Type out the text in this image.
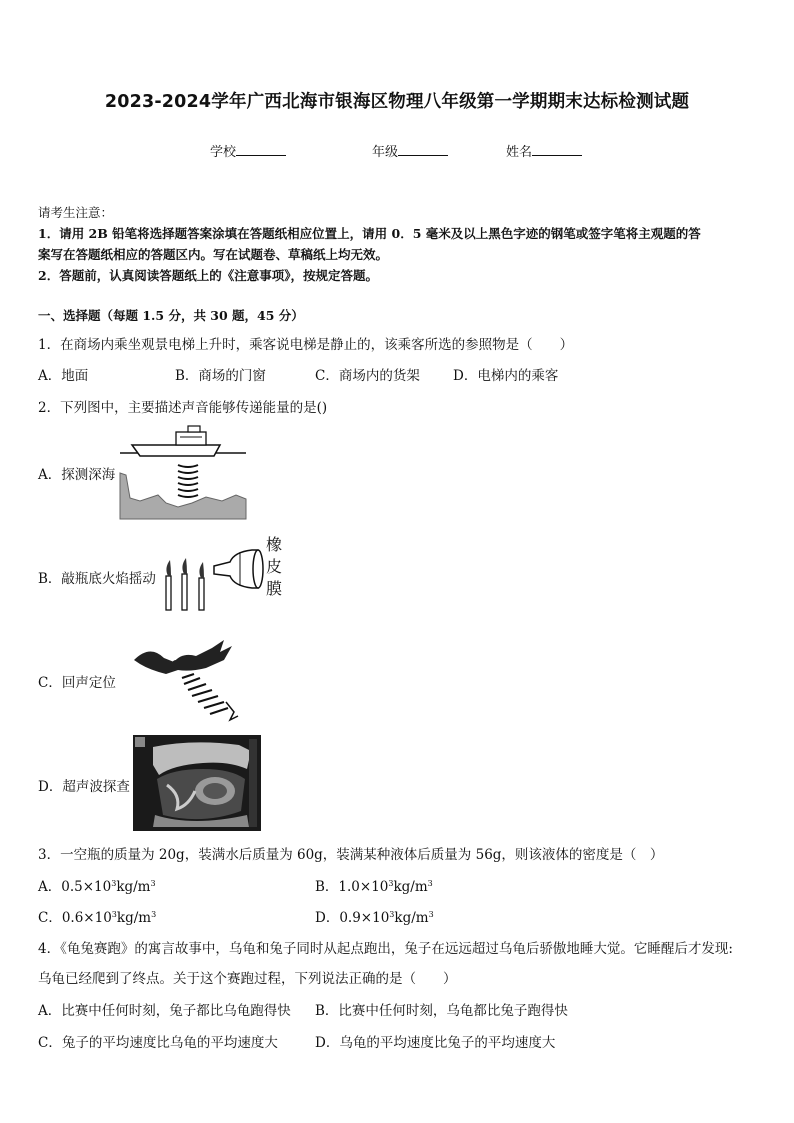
2023-2024学年广西北海市银海区物理八年级第一学期期末达标检测试题
学校	年级	姓名
请考生注意：
1．请用 2B 铅笔将选择题答案涂填在答题纸相应位置上，请用 0．5 毫米及以上黑色字迹的钢笔或签字笔将主观题的答
案写在答题纸相应的答题区内。写在试题卷、草稿纸上均无效。
2．答题前，认真阅读答题纸上的《注意事项》，按规定答题。
一、选择题（每题 1.5 分，共 30 题，45 分）
1．在商场内乘坐观景电梯上升时，乘客说电梯是静止的，该乘客所选的参照物是（　　）
A．地面	B．商场的门窗	C．商场内的货架 D．电梯内的乘客
2．下列图中，主要描述声音能够传递能量的是()
A．探测深海
B．敲瓶底火焰摇动
橡
皮
膜
C．回声定位
D．超声波探查
3．一空瓶的质量为 20g，装满水后质量为 60g，装满某种液体后质量为 56g，则该液体的密度是（　）
A．$0.5\times 10^3kg/m^3$	B．$1.0\times 10^3kg/m^3$
C．$0.6\times 10^3kg/m^3$	D．$0.9\times 10^3kg/m^3$
4．《龟兔赛跑》的寓言故事中，乌龟和兔子同时从起点跑出，兔子在远远超过乌龟后骄傲地睡大觉。它睡醒后才发现:
乌龟已经爬到了终点。关于这个赛跑过程，下列说法正确的是（　　）
A．比赛中任何时刻，兔子都比乌龟跑得快 B．比赛中任何时刻，乌龟都比兔子跑得快
C．兔子的平均速度比乌龟的平均速度大	D．乌龟的平均速度比兔子的平均速度大
